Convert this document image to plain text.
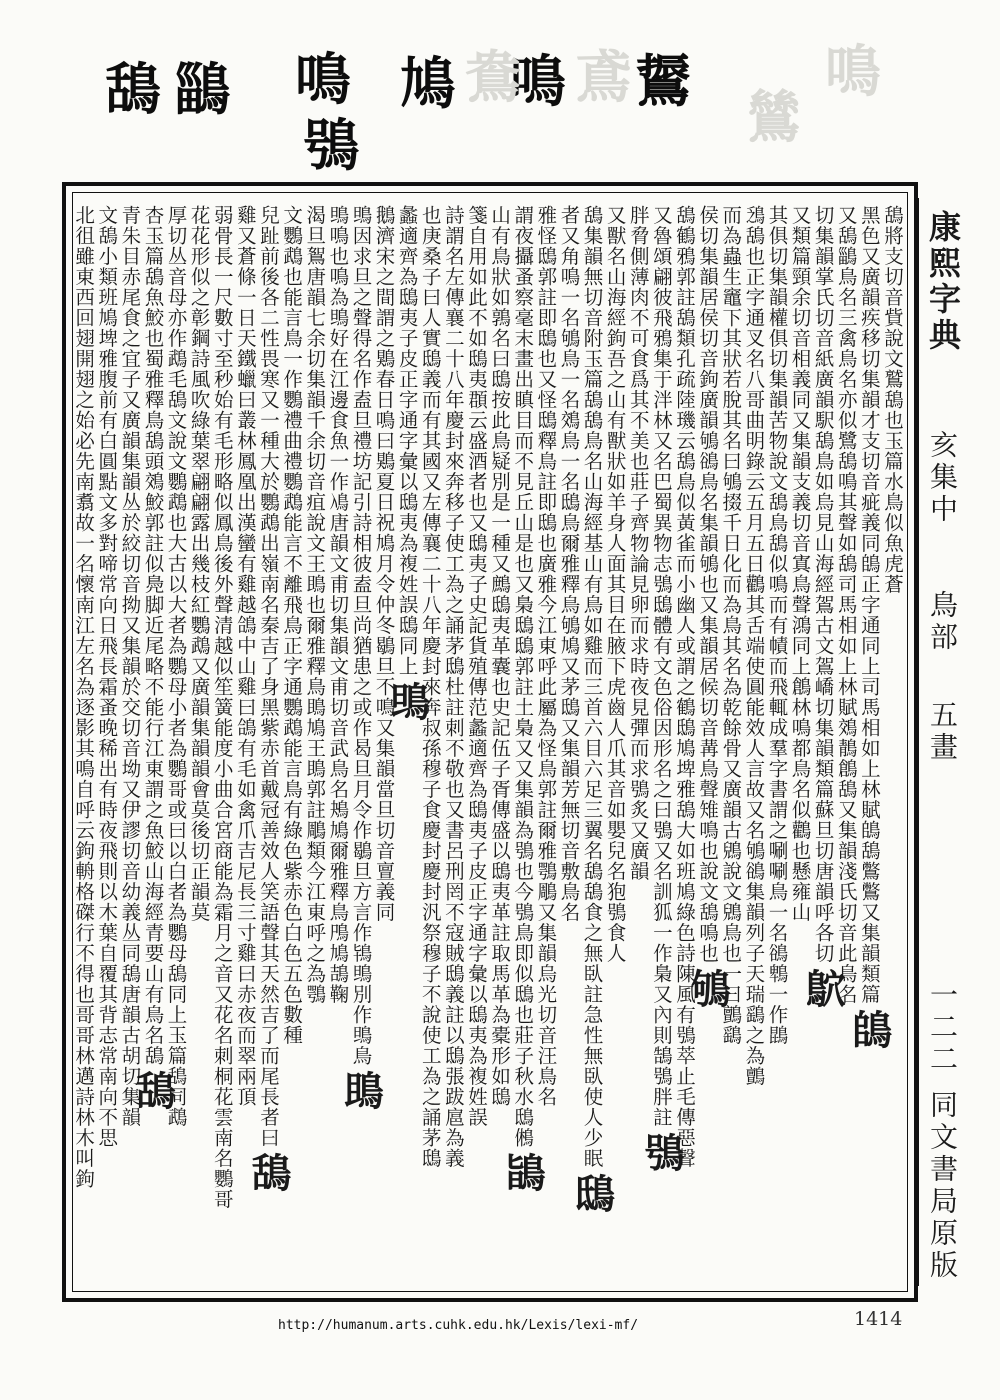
鴰 鶅 鳴
鴞
鳩 鳴 䳲
鴦 鳶	鳴
鷥
鴰將支切音貲說文鷲鴰也玉篇水鳥似魚虎蒼
黑色又廣韻疾移切集韻才支切音疵義同鴭正字通同上司馬相如上林賦鴭鴰鷩鷩又集韻類篇鴭
又鴰鶅鳥名三禽鳥名亦似鷺鴰鳴其聲如鴰司馬相如上林賦鵁鶄鶬鴰又集韻淺氏切音此鳥名
切集韻掌氏切音紙廣韻駅鴰鳥如烏見山海經鴐古文鴐嶠切集韻類篇蘇旦切唐韻呼各切鴥
又類篇頸余切音相義同又集韻支義切音寘鳥聲鴻同上鶬林鳴都鳥名似鸛也懸雍山
其俱切集韻權俱切集韻苦物說文鴰鳥鴰似鳴而有幘而飛輒成羣字書謂之唰唰鳥一名鵒鵯一作鵾
鴔鴰也正字通叉名八哥曲明錄云五月五日鸛其舌端使圓能效人言故又名鴝鵒集韻列子天瑞鷂之為鸇
而為蟲生竈下其狀若脫其名曰鴝掇千日化而為鳥其名為乾餘骨又廣韻古鶂說文鶂鳥也一曰鸇鷂
侯切集韻居侯切音鉤廣韻鴝鵒鳥名集韻鴝也又集韻居候切音冓鳥聲雉鳴也說文鴰鳴也鴝
鴰鶴鴉郭註鴰類孔疏陸璣云鴰鳥似黃雀而小幽人或謂之鶴鴟鳩埤雅鴰大如班鳩綠色詩陳風有鴞萃止毛傳惡聲
又魯頌翩彼飛鴉集于泮林又名巴蜀異物志鴞鴟體有文色俗因形名之曰鴞又名訓狐一作梟又內則鵠鴞胖註鴞
胖脅側薄肉不可食爲其不美也莊子齊物論見卵而求時夜見彈而求鴞炙又廣韻
又獸名山海經鉤吾之山有獸狀如羊身人面其目在腋下虎齒人爪其音如嬰兒名狍鴞食人
鴰集韻無切音附玉篇鴰鴰鳥名山海經基山有鳥如雞而三首六目六足三翼名鴰鴰食之無臥註急性無臥使人少眠鴟
者又角鳴一名鴝鳥一名鵁鳥一名鴟鳥爾雅釋鳥鴝鳩又茅鴟又集韻芳無切音敷鳥名
雅怪鴟郭註即鴟也又怪鴟釋鳥註即鴟也廣雅今江東呼此屬為怪鳥郭註爾雅鶚鵰又集韻烏光切音汪鳥名
謂夜攝蚤察毫末畫出瞋目而不見丘山是也又梟鴟鴟郭註土梟又又集韻為鴞也今鴞鳥即似鴟也莊子秋水鴟鵂鴲
山有鳥狀如鶉名曰鴟按此鳥疑別是一種又鷓鴟夷革囊也史記伍子胥傳盛以鴟夷革註取馬革為橐形如鴟
箋自用如此不如鴟夷頵云盛酒者也又鴟夷子史記貨殖傳范蠡適齊為鴟夷子皮正字通字彙以鴟夷為複姓誤
詩謂名左傳襄二十八年慶封來奔移子使工為之誦茅鴟杜註刺不敬也又書呂刑罔不寇賊鴟義註以鴟張跋扈為義
也庚桑子曰人實鴟義而有其國又左傳襄二十八年慶封來奔叔孫穆子食慶封慶封汎祭穆子不說使工為之誦茅鴟
蠡適齊為鴟夷子皮正字通字彙以鴟夷為複姓誤鴟同上鴠
鵝濟宋之間謂之鶪春日鳴曰鶪夏日祝鳩月令仲冬鶡旦不鳴又集韻當旦切音亶義同
鴠因求旦之聲得名作盍旦禮坊記引詩相彼盍旦尚猶患之或作曷旦月令作鶡旦方言作鴇鴠別作鴠鳥鴡
鴠鳴也鳴為鴠好在江邊食魚一作鳰唐韻文甫切集韻文甫切音武鳥名鴂鳩爾雅釋鳥鳲鳩鴶鞠
渴旦鴽唐韻七余切集韻千余切音疽說文王鴡也爾雅釋鳥鴡鳩王鴡郭註鵰類今江東呼之為鶚
文鸚鵡也能言鳥一作鸚禮曲禮鸚鵡能言不離飛鳥正字通鸚鵡能言鳥有綠色紫赤色白色五色數種
兒趾前後各二性畏寒又一種大於鸚鵡出嶺南名秦吉了身黑紫赤首戴冠善效人笑語聲其天然吉了而尾長者曰鴰
雞又蒼條一日天鐵蠟曰叢林鳳凰出漢蠻有雞越鴿中山雞曰鴿有毛如禽爪吉尼長三寸雞曰赤夜而翠兩頂
弱骨長一尺數寸至秒始有毛形略似鳳鳥後外聲清越似笙簧能度小曲合宮商能為霜月之音又花名刺桐花雲南名鸚哥
花花形似之彰鋼詩風吹綠葉翠翩翩露出幾枝紅鸚鵡又廣韻集韻韻會莫後切正韻莫
厚切丛音母亦作鵡毛鴰文說文鸚鵡也大古以大者為鸚母小者為鸚哥或曰以白者為鸚母鴰同上玉篇鴰同鵡
杏玉篇鴰魚鮫也蜀雅釋鳥鴰頭鵁鮫郭註似鳧脚近尾略不能行江東謂之魚鮫山海經青要山有鳥名鴰鴰
青朱目赤尾食之宜子又廣韻集韻丛於絞切音拗又集韻於交切音坳又伊謬切音幼義丛同鴰唐韻古胡切集韻
文鴰小類班鳩埤雅腹前有白圓點文多對啼常向日飛長霜蚤晚稀出有時夜飛則以木葉自覆其背志常南向不思
北徂雖東西回翅開翅之始必先南翥故一名懷南江左名為逐影其鳴自呼云鉤輈格磔行不得也哥哥林邁詩林木叫鉤	康熙字典
亥集中
鳥部
五畫
一二二
同文書局原版
http://humanum.arts.cuhk.edu.hk/Lexis/lexi-mf/	1414
